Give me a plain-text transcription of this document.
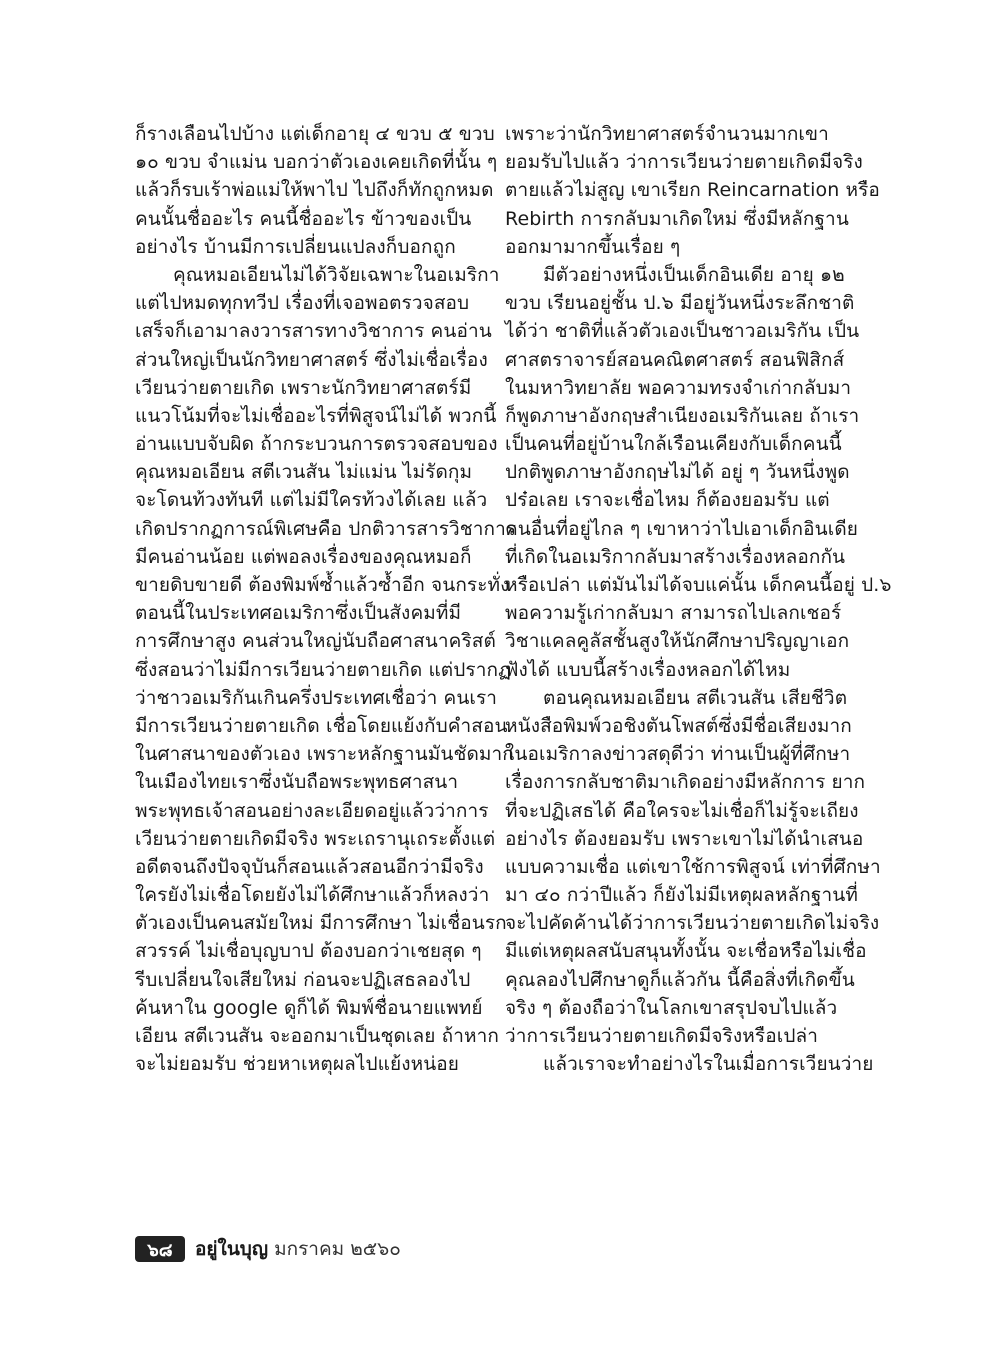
ก็รางเลือนไปบ้าง แต่เด็กอายุ ๔ ขวบ ๕ ขวบ
๑๐ ขวบ จำแม่น บอกว่าตัวเองเคยเกิดที่นั้น ๆ
แล้วก็รบเร้าพ่อแม่ให้พาไป ไปถึงก็ทักถูกหมด
คนนั้นชื่ออะไร คนนี้ชื่ออะไร ข้าวของเป็น
อย่างไร บ้านมีการเปลี่ยนแปลงก็บอกถูก
คุณหมอเอียนไม่ได้วิจัยเฉพาะในอเมริกา
แต่ไปหมดทุกทวีป เรื่องที่เจอพอตรวจสอบ
เสร็จก็เอามาลงวารสารทางวิชาการ คนอ่าน
ส่วนใหญ่เป็นนักวิทยาศาสตร์ ซึ่งไม่เชื่อเรื่อง
เวียนว่ายตายเกิด เพราะนักวิทยาศาสตร์มี
แนวโน้มที่จะไม่เชื่ออะไรที่พิสูจน์ไม่ได้ พวกนี้
อ่านแบบจับผิด ถ้ากระบวนการตรวจสอบของ
คุณหมอเอียน สตีเวนสัน ไม่แม่น ไม่รัดกุม
จะโดนท้วงทันที แต่ไม่มีใครท้วงได้เลย แล้ว
เกิดปรากฏการณ์พิเศษคือ ปกติวารสารวิชาการ
มีคนอ่านน้อย แต่พอลงเรื่องของคุณหมอก็
ขายดิบขายดี ต้องพิมพ์ซ้ำแล้วซ้ำอีก จนกระทั่ง
ตอนนี้ในประเทศอเมริกาซึ่งเป็นสังคมที่มี
การศึกษาสูง คนส่วนใหญ่นับถือศาสนาคริสต์
ซึ่งสอนว่าไม่มีการเวียนว่ายตายเกิด แต่ปรากฏ
ว่าชาวอเมริกันเกินครึ่งประเทศเชื่อว่า คนเรา
มีการเวียนว่ายตายเกิด เชื่อโดยแย้งกับคำสอน
ในศาสนาของตัวเอง เพราะหลักฐานมันชัดมาก
ในเมืองไทยเราซึ่งนับถือพระพุทธศาสนา
พระพุทธเจ้าสอนอย่างละเอียดอยู่แล้วว่าการ
เวียนว่ายตายเกิดมีจริง พระเถรานุเถระตั้งแต่
อดีตจนถึงปัจจุบันก็สอนแล้วสอนอีกว่ามีจริง
ใครยังไม่เชื่อโดยยังไม่ได้ศึกษาแล้วก็หลงว่า
ตัวเองเป็นคนสมัยใหม่ มีการศึกษา ไม่เชื่อนรก
สวรรค์ ไม่เชื่อบุญบาป ต้องบอกว่าเชยสุด ๆ
รีบเปลี่ยนใจเสียใหม่ ก่อนจะปฏิเสธลองไป
ค้นหาใน google ดูก็ได้ พิมพ์ชื่อนายแพทย์
เอียน สตีเวนสัน จะออกมาเป็นชุดเลย ถ้าหาก
จะไม่ยอมรับ ช่วยหาเหตุผลไปแย้งหน่อย
เพราะว่านักวิทยาศาสตร์จำนวนมากเขา
ยอมรับไปแล้ว ว่าการเวียนว่ายตายเกิดมีจริง
ตายแล้วไม่สูญ เขาเรียก Reincarnation หรือ
Rebirth การกลับมาเกิดใหม่ ซึ่งมีหลักฐาน
ออกมามากขึ้นเรื่อย ๆ
มีตัวอย่างหนึ่งเป็นเด็กอินเดีย อายุ ๑๒
ขวบ เรียนอยู่ชั้น ป.๖ มีอยู่วันหนึ่งระลึกชาติ
ได้ว่า ชาติที่แล้วตัวเองเป็นชาวอเมริกัน เป็น
ศาสตราจารย์สอนคณิตศาสตร์ สอนฟิสิกส์
ในมหาวิทยาลัย พอความทรงจำเก่ากลับมา
ก็พูดภาษาอังกฤษสำเนียงอเมริกันเลย ถ้าเรา
เป็นคนที่อยู่บ้านใกล้เรือนเคียงกับเด็กคนนี้
ปกติพูดภาษาอังกฤษไม่ได้ อยู่ ๆ วันหนึ่งพูด
ปร๋อเลย เราจะเชื่อไหม ก็ต้องยอมรับ แต่
คนอื่นที่อยู่ไกล ๆ เขาหาว่าไปเอาเด็กอินเดีย
ที่เกิดในอเมริกากลับมาสร้างเรื่องหลอกกัน
หรือเปล่า แต่มันไม่ได้จบแค่นั้น เด็กคนนี้อยู่ ป.๖
พอความรู้เก่ากลับมา สามารถไปเลกเชอร์
วิชาแคลคูลัสชั้นสูงให้นักศึกษาปริญญาเอก
ฟังได้ แบบนี้สร้างเรื่องหลอกได้ไหม
ตอนคุณหมอเอียน สตีเวนสัน เสียชีวิต
หนังสือพิมพ์วอชิงตันโพสต์ซึ่งมีชื่อเสียงมาก
ในอเมริกาลงข่าวสดุดีว่า ท่านเป็นผู้ที่ศึกษา
เรื่องการกลับชาติมาเกิดอย่างมีหลักการ ยาก
ที่จะปฏิเสธได้ คือใครจะไม่เชื่อก็ไม่รู้จะเถียง
อย่างไร ต้องยอมรับ เพราะเขาไม่ได้นำเสนอ
แบบความเชื่อ แต่เขาใช้การพิสูจน์ เท่าที่ศึกษา
มา ๔๐ กว่าปีแล้ว ก็ยังไม่มีเหตุผลหลักฐานที่
จะไปคัดค้านได้ว่าการเวียนว่ายตายเกิดไม่จริง
มีแต่เหตุผลสนับสนุนทั้งนั้น จะเชื่อหรือไม่เชื่อ
คุณลองไปศึกษาดูก็แล้วกัน นี้คือสิ่งที่เกิดขึ้น
จริง ๆ ต้องถือว่าในโลกเขาสรุปจบไปแล้ว
ว่าการเวียนว่ายตายเกิดมีจริงหรือเปล่า
แล้วเราจะทำอย่างไรในเมื่อการเวียนว่าย
๖๘	อยู่ในบุญ มกราคม ๒๕๖๐
